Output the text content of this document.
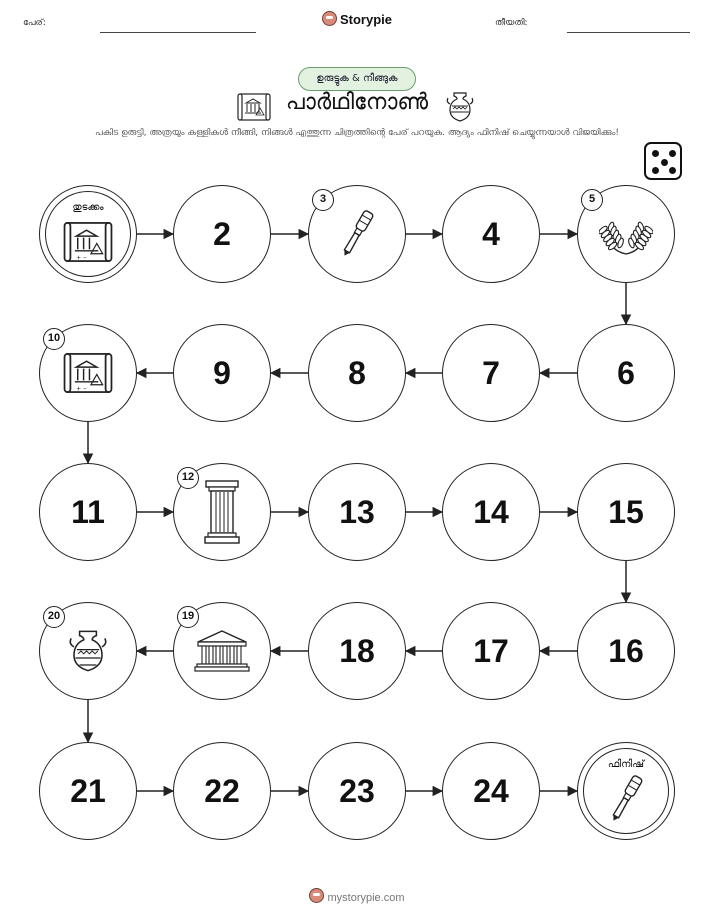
പേര്:	Storypie	തീയതി:
ഉരുട്ടുക & നീങ്ങുക
പാർഥിനോൺ
പകിട ഉരുട്ടി, അത്രയും കള്ളികൾ നീങ്ങി, നിങ്ങൾ എത്തുന്ന ചിത്രത്തിന്റെ പേര് പറയുക. ആദ്യം ഫിനിഷ് ചെയ്യുന്നയാൾ വിജയിക്കും!
തുടക്കം
+ ‒
2
3
4
5
6
7
8
9
10
+ ‒
11
12
13	14	15
16
17
18
19
20
21	22	23	24
ഫിനിഷ്
mystorypie.com
